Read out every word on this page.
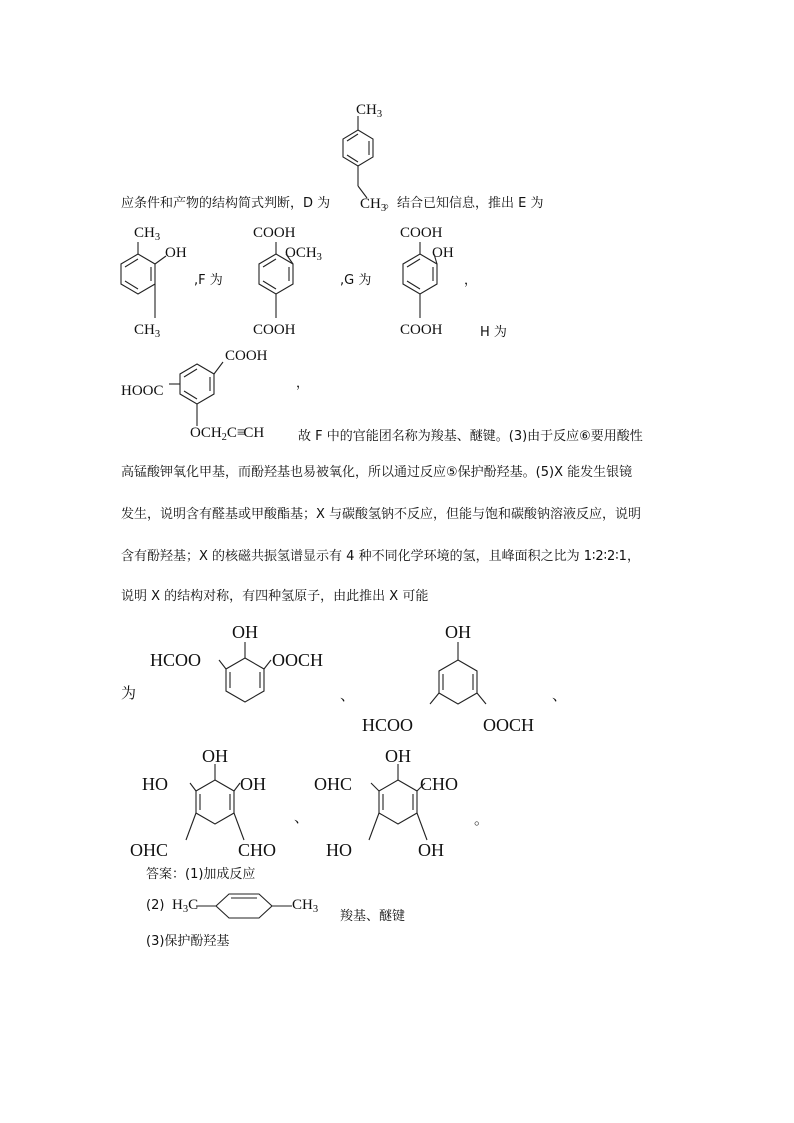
$CH_3$
应条件和产物的结构简式判断，D 为 $CH_3$
。结合已知信息，推出 E 为
$CH_3$
OH
$CH_3$
,F 为
COOH
$OCH_3$
COOH
,G 为
COOH
OH
COOH
，
H 为
COOH
HOOC	，
$OCH_2C\equiv CH$	故 F 中的官能团名称为羧基、醚键。(3)由于反应⑥要用酸性
高锰酸钾氧化甲基，而酚羟基也易被氧化，所以通过反应⑤保护酚羟基。(5)X 能发生银镜
发生，说明含有醛基或甲酸酯基；X 与碳酸氢钠不反应，但能与饱和碳酸钠溶液反应，说明
含有酚羟基；X 的核磁共振氢谱显示有 4 种不同化学环境的氢，且峰面积之比为 1∶2∶2∶1，
说明 X 的结构对称，有四种氢原子，由此推出 X 可能
为
OH
HCOO	OOCH
、
OH
HCOO	OOCH
、
OH
HO	OH
OHC	CHO
、
OH
OHC	CHO
HO	OH
。
答案：(1)加成反应
(2) $H_3C$	$CH_3$ 羧基、醚键
(3)保护酚羟基
